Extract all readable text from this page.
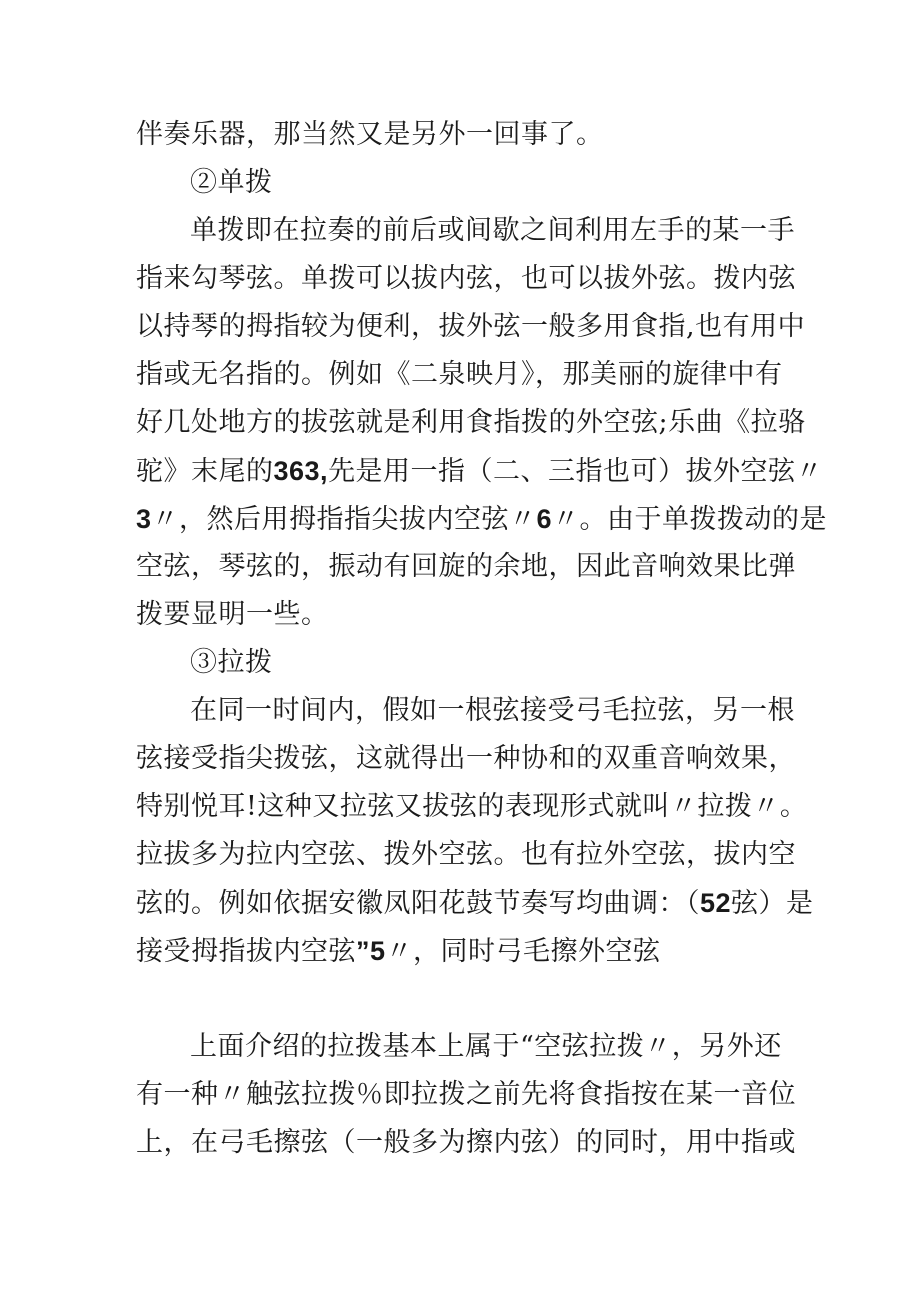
伴奏乐器，那当然又是另外一回事了。
②单拨
单拨即在拉奏的前后或间歇之间利用左手的某一手
指来勾琴弦。单拨可以拔内弦，也可以拔外弦。拨内弦
以持琴的拇指较为便利，拔外弦一般多用食指,也有用中
指或无名指的。例如《二泉映月》，那美丽的旋律中有
好几处地方的拔弦就是利用食指拨的外空弦;乐曲《拉骆
驼》末尾的363,先是用一指（二、三指也可）拔外空弦〃
3〃，然后用拇指指尖拔内空弦〃6〃。由于单拨拨动的是
空弦，琴弦的，振动有回旋的余地，因此音响效果比弹
拨要显明一些。
③拉拨
在同一时间内，假如一根弦接受弓毛拉弦，另一根
弦接受指尖拨弦，这就得出一种协和的双重音响效果，
特别悦耳!这种又拉弦又拔弦的表现形式就叫〃拉拨〃。
拉拔多为拉内空弦、拨外空弦。也有拉外空弦，拔内空
弦的。例如依据安徽凤阳花鼓节奏写均曲调：（52弦）是
接受拇指拔内空弦”5〃，同时弓毛擦外空弦
上面介绍的拉拨基本上属于“空弦拉拨〃，另外还
有一种〃触弦拉拨％即拉拨之前先将食指按在某一音位
上，在弓毛擦弦（一般多为擦内弦）的同时，用中指或
